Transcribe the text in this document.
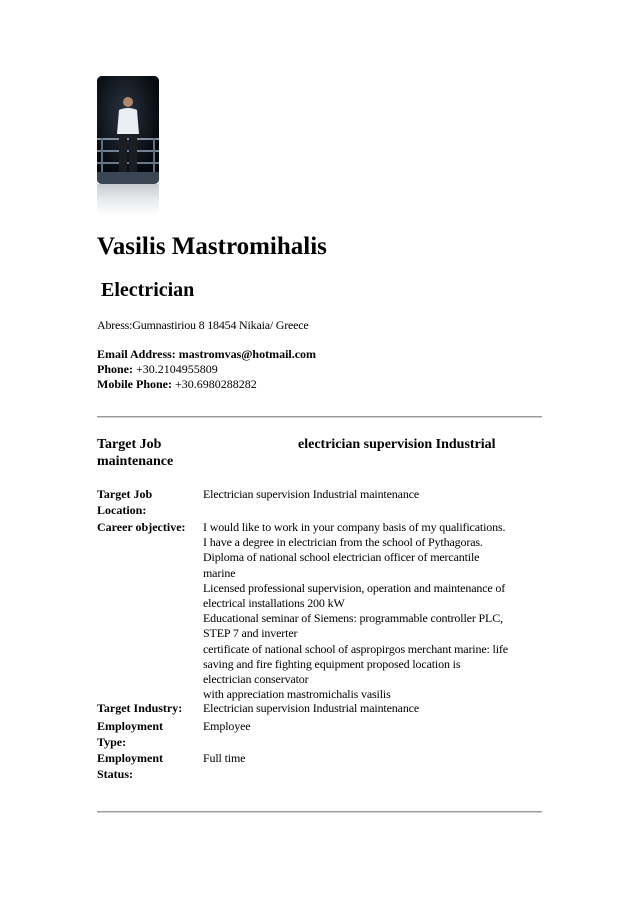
Vasilis Mastromihalis
Electrician
Abress:Gumnastiriou 8 18454 Nikaia/ Greece
Email Address: mastromvas@hotmail.com
Phone: +30.2104955809
Mobile Phone: +30.6980288282
Target Job	electrician supervision Industrial
maintenance
Target Job Location:
Electrician supervision Industrial maintenance
Career objective:	I would like to work in your company basis of my qualifications.
I have a degree in electrician from the school of Pythagoras.
Diploma of national school electrician officer of mercantile
marine
Licensed professional supervision, operation and maintenance of
electrical installations 200 kW
Educational seminar of Siemens: programmable controller PLC,
STEP 7 and inverter
certificate of national school of aspropirgos merchant marine: life
saving and fire fighting equipment proposed location is
electrician conservator
with appreciation mastromichalis vasilis
Target Industry:	Electrician supervision Industrial maintenance
Employment Type:
Employee
Employment Status:
Full time
